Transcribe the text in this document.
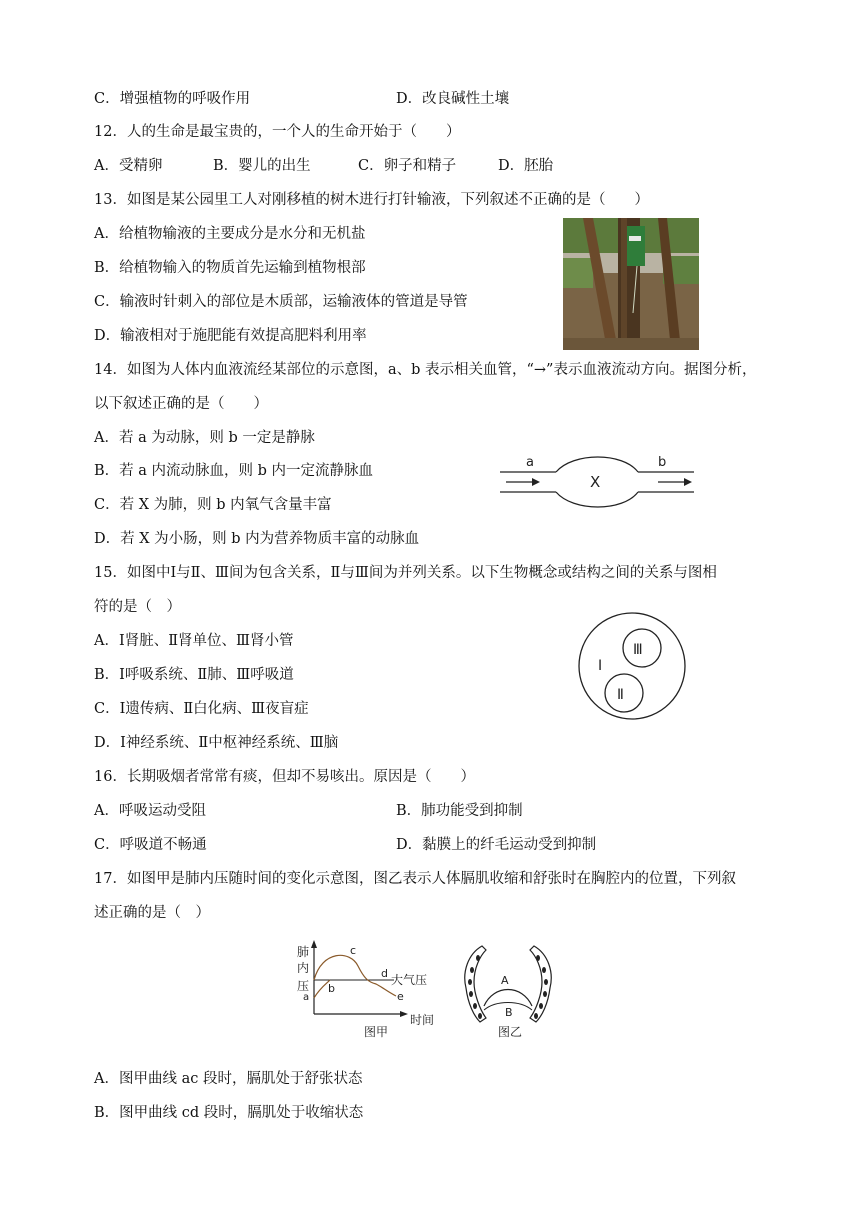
C．增强植物的呼吸作用	D．改良碱性土壤
12．人的生命是最宝贵的，一个人的生命开始于（　　）
A．受精卵	B．婴儿的出生	C．卵子和精子	D．胚胎
13．如图是某公园里工人对刚移植的树木进行打针输液，下列叙述不正确的是（　　）
A．给植物输液的主要成分是水分和无机盐
B．给植物输入的物质首先运输到植物根部
C．输液时针刺入的部位是木质部，运输液体的管道是导管
D．输液相对于施肥能有效提高肥料利用率
14．如图为人体内血液流经某部位的示意图，a、b 表示相关血管，“→”表示血液流动方向。据图分析，
以下叙述正确的是（　　）
A．若 a 为动脉，则 b 一定是静脉
B．若 a 内流动脉血，则 b 内一定流静脉血
C．若 X 为肺，则 b 内氧气含量丰富
D．若 X 为小肠，则 b 内为营养物质丰富的动脉血
a	b
X
15．如图中Ⅰ与Ⅱ、Ⅲ间为包含关系，Ⅱ与Ⅲ间为并列关系。以下生物概念或结构之间的关系与图相
符的是（　）
A．Ⅰ肾脏、Ⅱ肾单位、Ⅲ肾小管
B．Ⅰ呼吸系统、Ⅱ肺、Ⅲ呼吸道
C．Ⅰ遗传病、Ⅱ白化病、Ⅲ夜盲症
D．Ⅰ神经系统、Ⅱ中枢神经系统、Ⅲ脑
Ⅰ
Ⅲ
Ⅱ
16．长期吸烟者常常有痰，但却不易咳出。原因是（　　）
A．呼吸运动受阻	B．肺功能受到抑制
C．呼吸道不畅通	D．黏膜上的纤毛运动受到抑制
17．如图甲是肺内压随时间的变化示意图，图乙表示人体膈肌收缩和舒张时在胸腔内的位置，下列叙
述正确的是（　）
肺
内
压
a
b
c
d
e
大气压
时间
图甲
A
B
图乙
A．图甲曲线 ac 段时，膈肌处于舒张状态
B．图甲曲线 cd 段时，膈肌处于收缩状态
